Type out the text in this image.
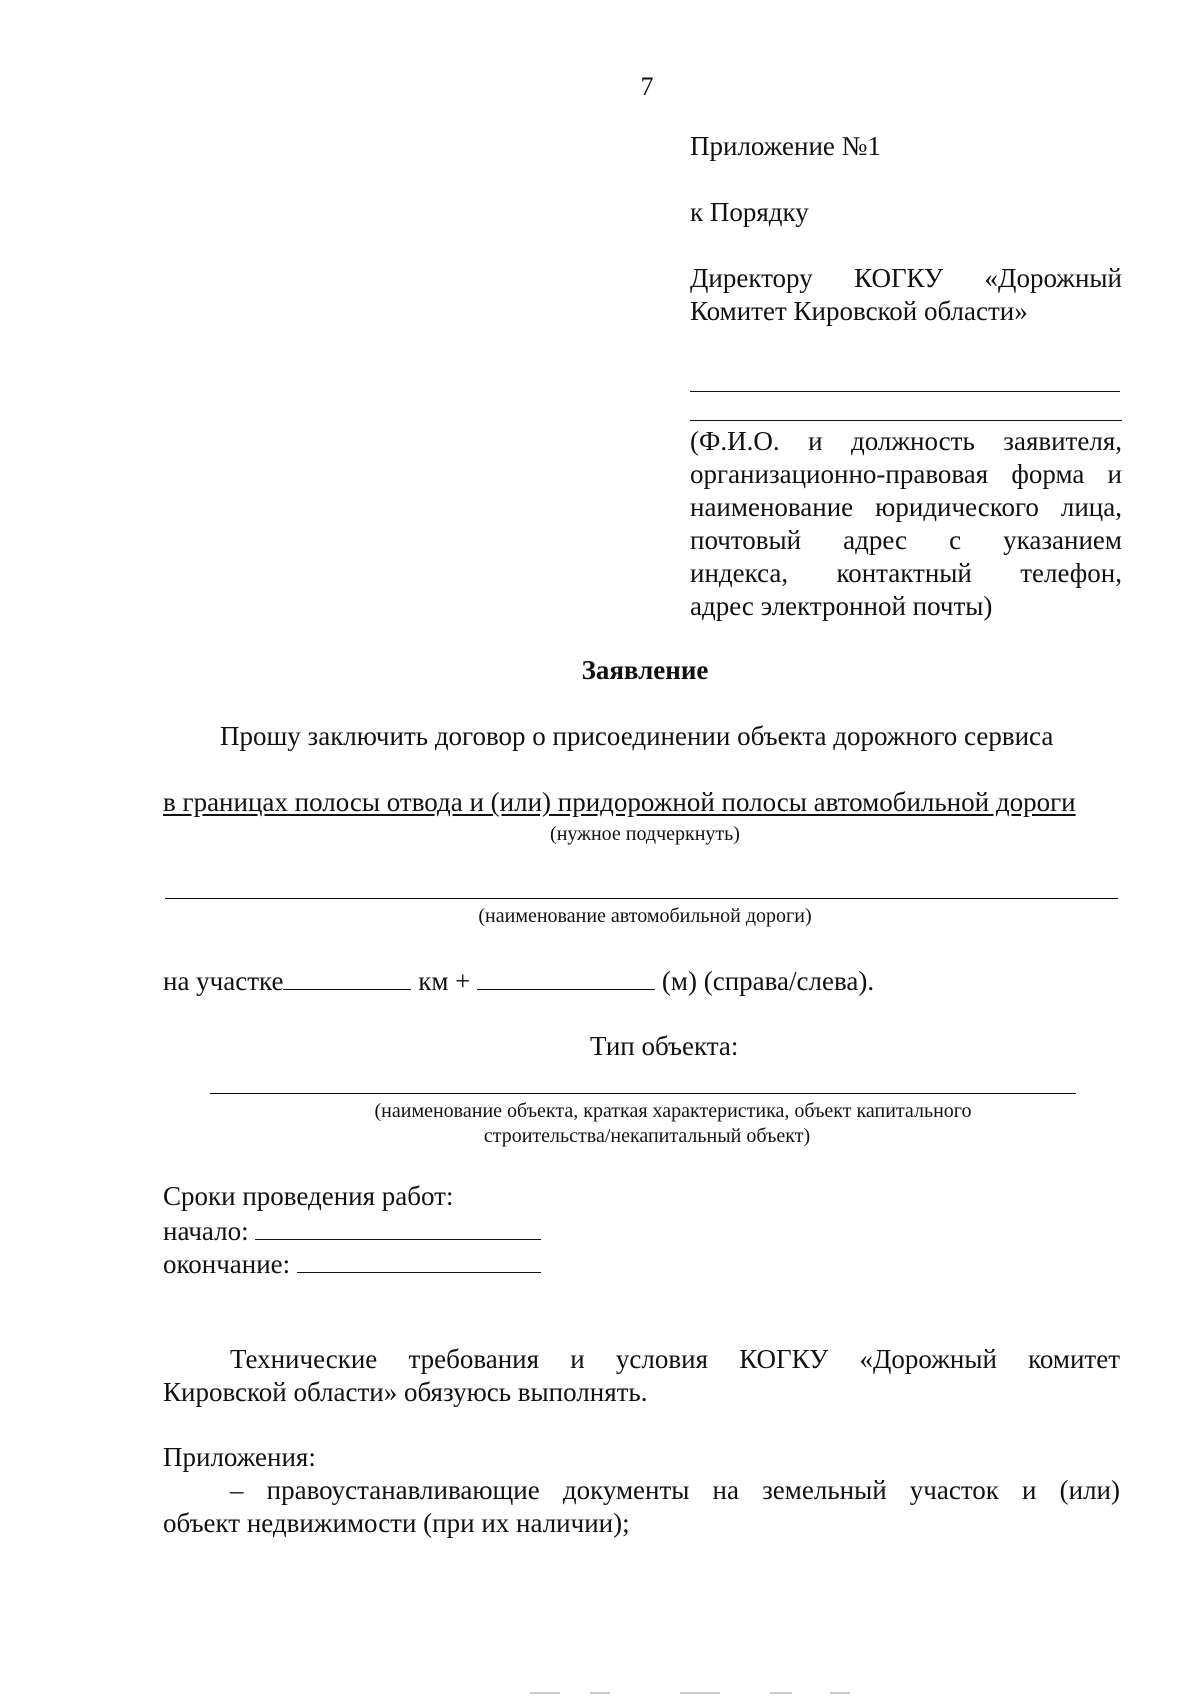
7
Приложение №1
к Порядку
Директору КОГКУ «Дорожный
Комитет Кировской области»
(Ф.И.О. и должность заявителя,
организационно-правовая форма и
наименование юридического лица,
почтовый адрес с указанием
индекса, контактный телефон,
адрес электронной почты)
Заявление
Прошу заключить договор о присоединении объекта дорожного сервиса
в границах полосы отвода и (или) придорожной полосы автомобильной дороги
(нужное подчеркнуть)
(наименование автомобильной дороги)
на участке	км +	(м) (справа/слева).
Тип объекта:
(наименование объекта, краткая характеристика, объект капитального
строительства/некапитальный объект)
Сроки проведения работ:
начало:
окончание:
Технические требования и условия КОГКУ «Дорожный комитет
Кировской области» обязуюсь выполнять.
Приложения:
– правоустанавливающие документы на земельный участок и (или)
объект недвижимости (при их наличии);
